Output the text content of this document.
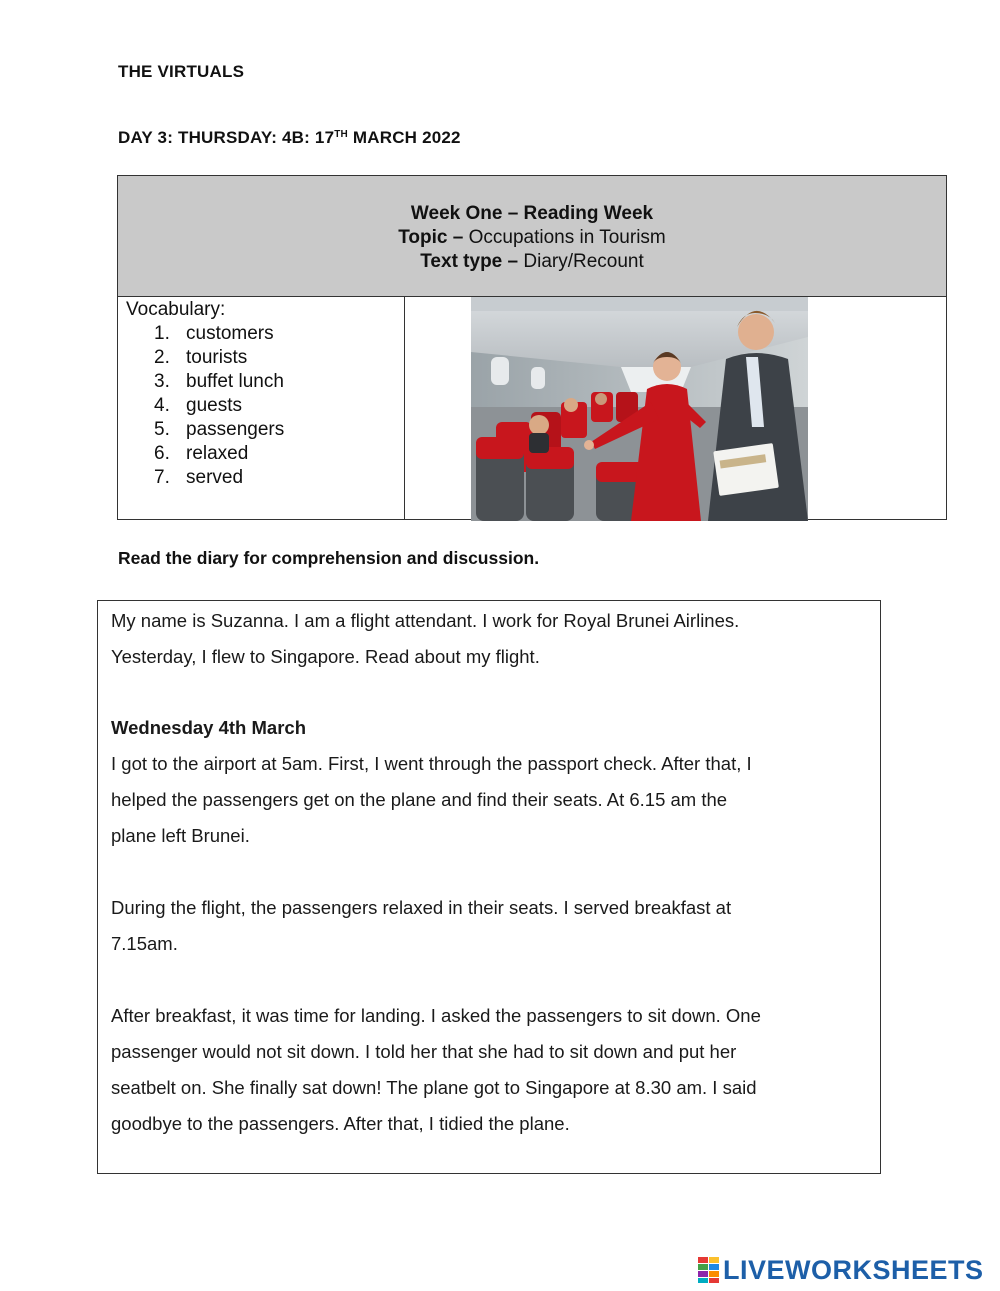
THE VIRTUALS
DAY 3: THURSDAY: 4B: 17TH MARCH 2022
Week One – Reading Week
Topic – Occupations in Tourism
Text type – Diary/Recount
Vocabulary:
1. customers
2. tourists
3. buffet lunch
4. guests
5. passengers
6. relaxed
7. served
Read the diary for comprehension and discussion.

My name is Suzanna. I am a flight attendant. I work for Royal Brunei Airlines.

Yesterday, I flew to Singapore. Read about my flight.

Wednesday 4th March

I got to the airport at 5am. First, I went through the passport check. After that, I

helped the passengers get on the plane and find their seats. At 6.15 am the

plane left Brunei.

During the flight, the passengers relaxed in their seats. I served breakfast at

7.15am.

After breakfast, it was time for landing. I asked the passengers to sit down. One

passenger would not sit down. I told her that she had to sit down and put her

seatbelt on. She finally sat down! The plane got to Singapore at 8.30 am. I said

goodbye to the passengers. After that, I tidied the plane.

LIVEWORKSHEETS
